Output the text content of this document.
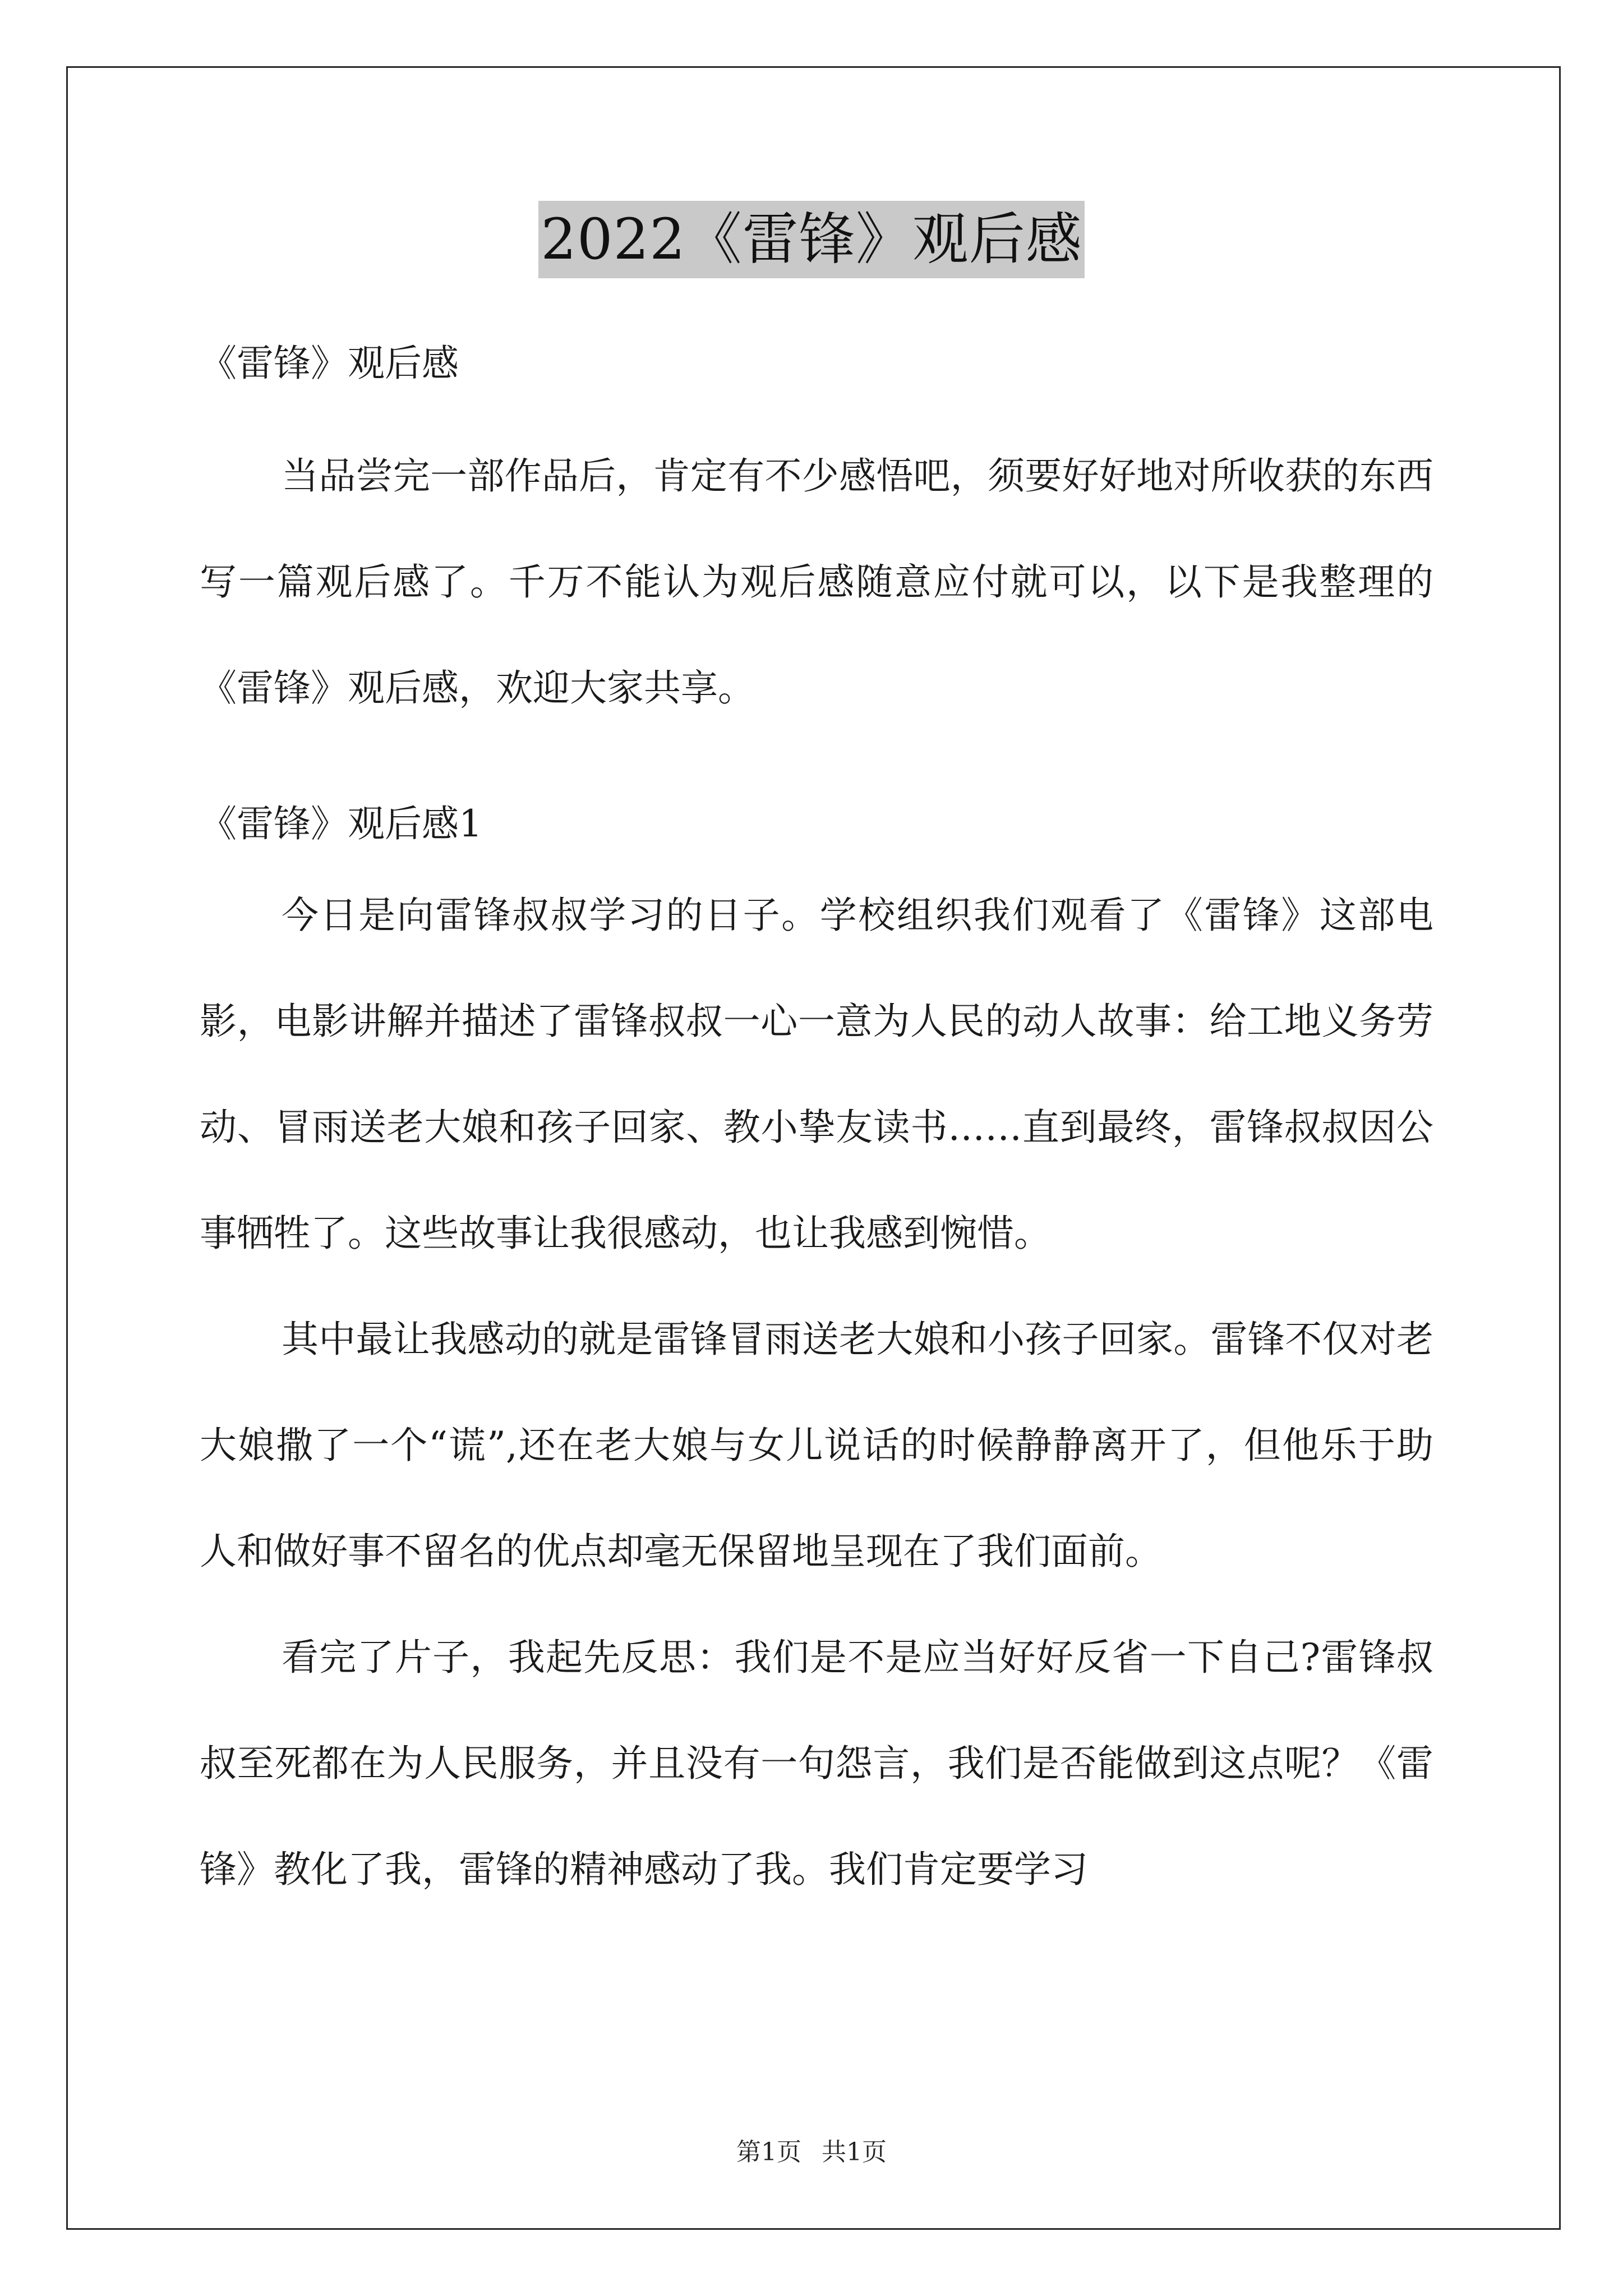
2022《雷锋》观后感

《雷锋》观后感

当品尝完一部作品后，肯定有不少感悟吧，须要好好地对所收获的东西写一篇观后感了。千万不能认为观后感随意应付就可以，以下是我整理的《雷锋》观后感，欢迎大家共享。

《雷锋》观后感1

今日是向雷锋叔叔学习的日子。学校组织我们观看了《雷锋》这部电影，电影讲解并描述了雷锋叔叔一心一意为人民的动人故事：给工地义务劳动、冒雨送老大娘和孩子回家、教小挚友读书……直到最终，雷锋叔叔因公事牺牲了。这些故事让我很感动，也让我感到惋惜。

其中最让我感动的就是雷锋冒雨送老大娘和小孩子回家。雷锋不仅对老大娘撒了一个“谎”,还在老大娘与女儿说话的时候静静离开了，但他乐于助人和做好事不留名的优点却毫无保留地呈现在了我们面前。

看完了片子，我起先反思：我们是不是应当好好反省一下自己?雷锋叔叔至死都在为人民服务，并且没有一句怨言，我们是否能做到这点呢？《雷锋》教化了我，雷锋的精神感动了我。我们肯定要学习

第1页 共1页
